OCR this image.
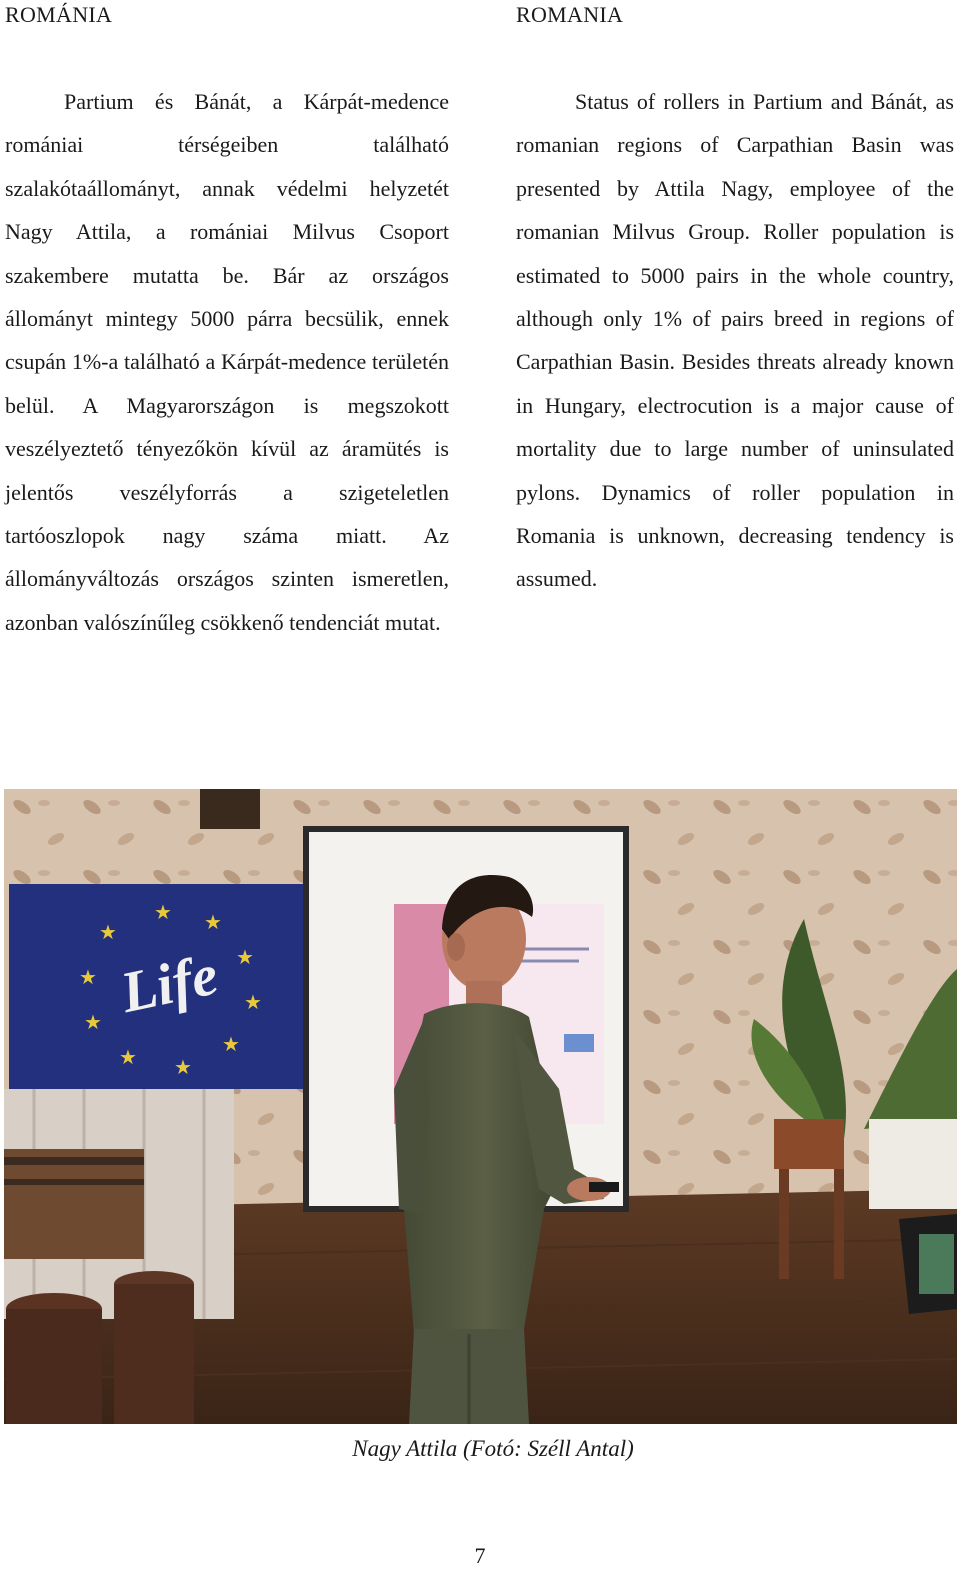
ROMÁNIA	ROMANIA

Partium és Bánát, a Kárpát-medence romániai térségeiben található szalakótaállományt, annak védelmi helyzetét Nagy Attila, a romániai Milvus Csoport szakembere mutatta be. Bár az országos állományt mintegy 5000 párra becsülik, ennek csupán 1%-a található a Kárpát-medence területén belül. A Magyarországon is megszokott veszélyeztető tényezőkön kívül az áramütés is jelentős veszélyforrás a szigeteletlen tartóoszlopok nagy száma miatt. Az állományváltozás országos szinten ismeretlen, azonban valószínűleg csökkenő tendenciát mutat.

Status of rollers in Partium and Bánát, as romanian regions of Carpathian Basin was presented by Attila Nagy, employee of the romanian Milvus Group. Roller population is estimated to 5000 pairs in the whole country, although only 1% of pairs breed in regions of Carpathian Basin. Besides threats already known in Hungary, electrocution is a major cause of mortality due to large number of uninsulated pylons. Dynamics of roller population in Romania is unknown, decreasing tendency is assumed.

★ ★
★
★
★
★
★
★
★
★
Life
Nagy Attila (Fotó: Széll Antal)
7
